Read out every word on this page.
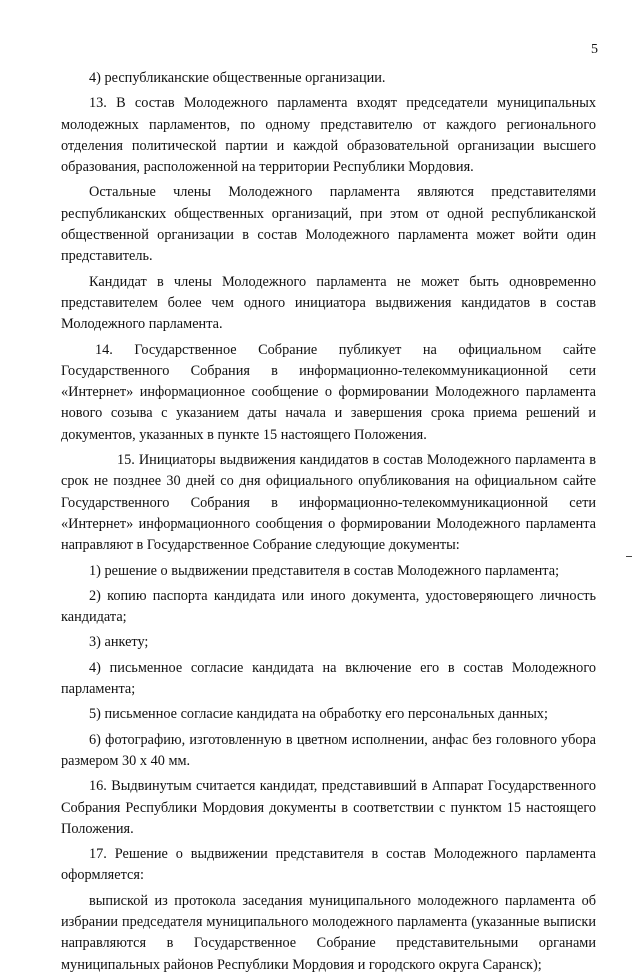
5

4) республиканские общественные организации.

13. В состав Молодежного парламента входят председатели муниципальных молодежных парламентов, по одному представителю от каждого регионального отделения политической партии и каждой образовательной организации высшего образования, расположенной на территории Республики Мордовия.

Остальные члены Молодежного парламента являются представителями республиканских общественных организаций, при этом от одной республиканской общественной организации в состав Молодежного парламента может войти один представитель.

Кандидат в члены Молодежного парламента не может быть одновременно представителем более чем одного инициатора выдвижения кандидатов в состав Молодежного парламента.

14. Государственное Собрание публикует на официальном сайте Государственного Собрания в информационно-телекоммуникационной сети «Интернет» информационное сообщение о формировании Молодежного парламента нового созыва с указанием даты начала и завершения срока приема решений и документов, указанных в пункте 15 настоящего Положения.

15. Инициаторы выдвижения кандидатов в состав Молодежного парламента в срок не позднее 30 дней со дня официального опубликования на официальном сайте Государственного Собрания в информационно-телекоммуникационной сети «Интернет» информационного сообщения о формировании Молодежного парламента направляют в Государственное Собрание следующие документы:

1) решение о выдвижении представителя в состав Молодежного парламента;

2) копию паспорта кандидата или иного документа, удостоверяющего личность кандидата;

3) анкету;

4) письменное согласие кандидата на включение его в состав Молодежного парламента;

5) письменное согласие кандидата на обработку его персональных данных;

6) фотографию, изготовленную в цветном исполнении, анфас без головного убора размером 30 х 40 мм.

16. Выдвинутым считается кандидат, представивший в Аппарат Государственного Собрания Республики Мордовия документы в соответствии с пунктом 15 настоящего Положения.

17. Решение о выдвижении представителя в состав Молодежного парламента оформляется:

выпиской из протокола заседания муниципального молодежного парламента об избрании председателя муниципального молодежного парламента (указанные выписки направляются в Государственное Собрание представительными органами муниципальных районов Республики Мордовия и городского округа Саранск);
